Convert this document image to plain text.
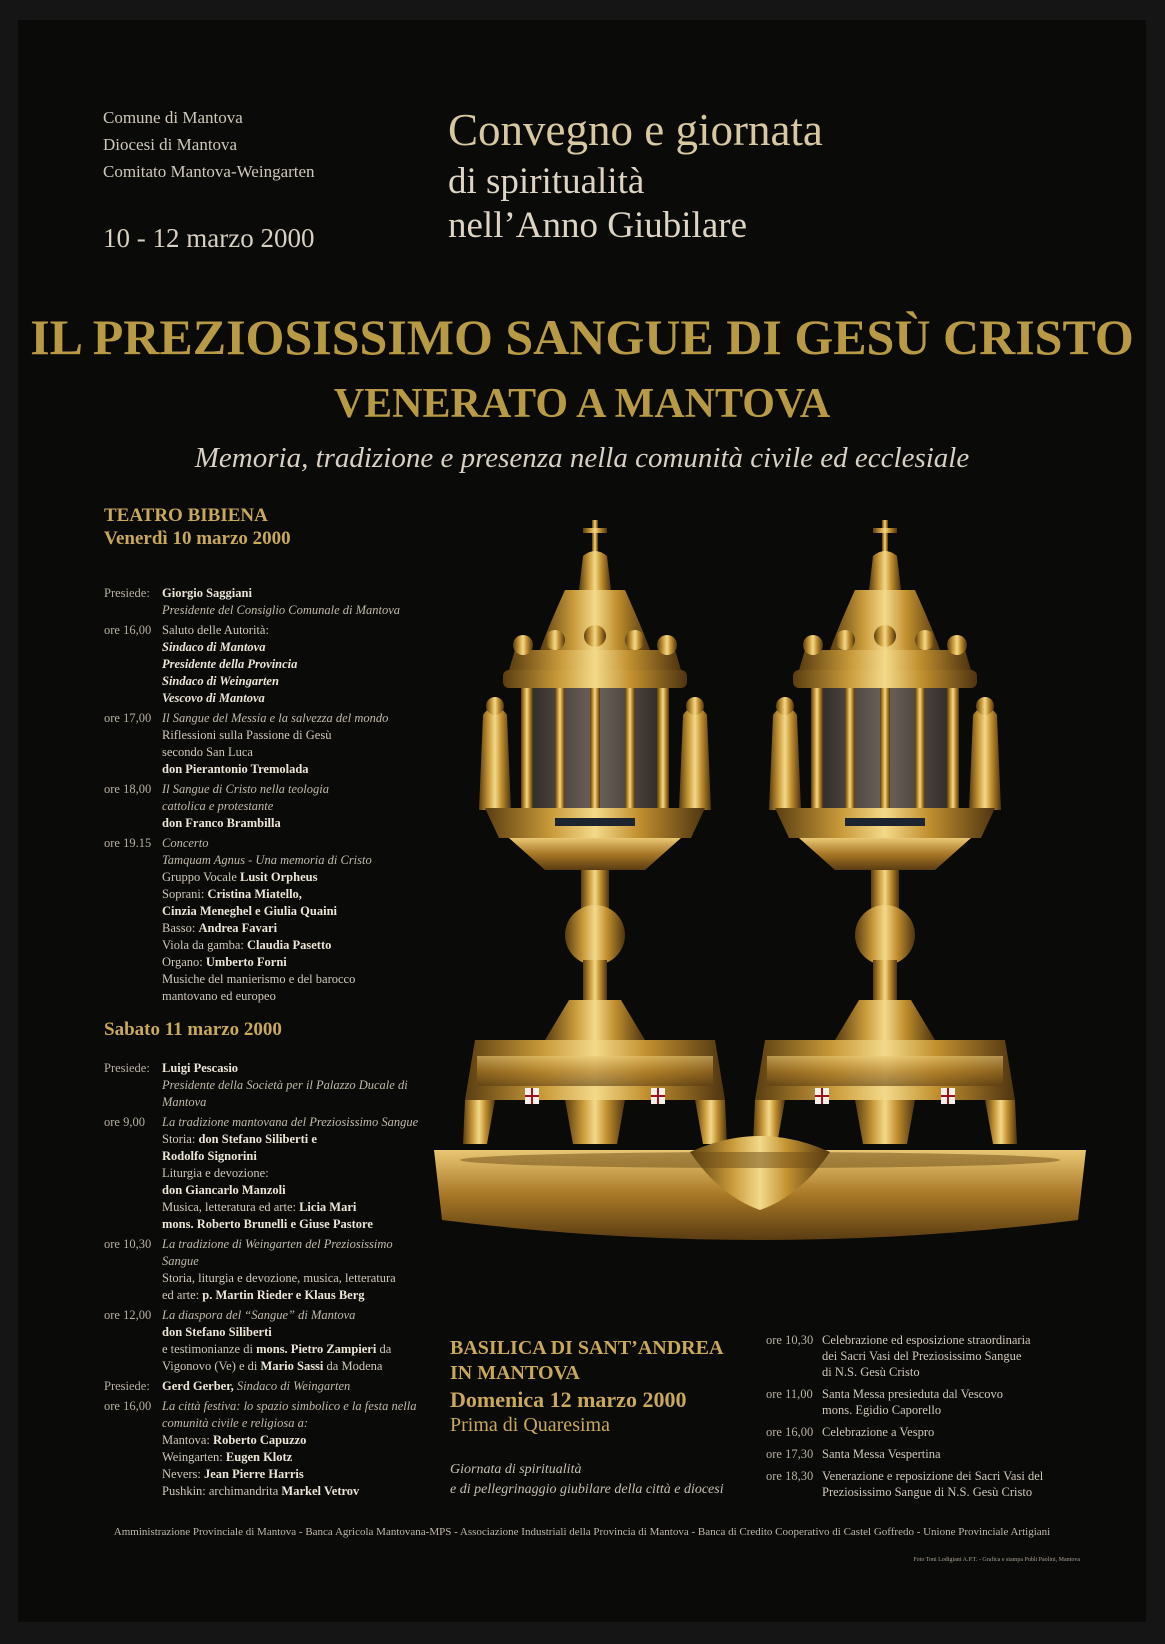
Comune di Mantova
Diocesi di Mantova
Comitato Mantova-Weingarten
10 - 12 marzo 2000
Convegno e giornata
di spiritualità
nell’Anno Giubilare
IL PREZIOSISSIMO SANGUE DI GESÙ CRISTO
VENERATO A MANTOVA
Memoria, tradizione e presenza nella comunità civile ed ecclesiale
TEATRO BIBIENA
Venerdì 10 marzo 2000
Presiede: Giorgio Saggiani
Presidente del Consiglio Comunale di Mantova
ore 16,00 Saluto delle Autorità:
Sindaco di Mantova
Presidente della Provincia
Sindaco di Weingarten
Vescovo di Mantova
ore 17,00 Il Sangue del Messia e la salvezza del mondo
Riflessioni sulla Passione di Gesù
secondo San Luca
don Pierantonio Tremolada
ore 18,00 Il Sangue di Cristo nella teologia
cattolica e protestante
don Franco Brambilla
ore 19.15 Concerto
Tamquam Agnus - Una memoria di Cristo
Gruppo Vocale Lusit Orpheus
Soprani: Cristina Miatello,
Cinzia Meneghel e Giulia Quaini
Basso: Andrea Favari
Viola da gamba: Claudia Pasetto
Organo: Umberto Forni
Musiche del manierismo e del barocco
mantovano ed europeo
Sabato 11 marzo 2000
Presiede: Luigi Pescasio
Presidente della Società per il Palazzo Ducale di
Mantova
ore 9,00	La tradizione mantovana del Preziosissimo Sangue
Storia: don Stefano Siliberti e
Rodolfo Signorini
Liturgia e devozione:
don Giancarlo Manzoli
Musica, letteratura ed arte: Licia Mari
mons. Roberto Brunelli e Giuse Pastore
ore 10,30 La tradizione di Weingarten del Preziosissimo
Sangue
Storia, liturgia e devozione, musica, letteratura
ed arte: p. Martin Rieder e Klaus Berg
ore 12,00 La diaspora del “Sangue” di Mantova
don Stefano Siliberti
e testimonianze di mons. Pietro Zampieri da
Vigonovo (Ve) e di Mario Sassi da Modena
Presiede: Gerd Gerber, Sindaco di Weingarten
ore 16,00 La città festiva: lo spazio simbolico e la festa nella
comunità civile e religiosa a:
Mantova: Roberto Capuzzo
Weingarten: Eugen Klotz
Nevers: Jean Pierre Harris
Pushkin: archimandrita Markel Vetrov
BASILICA DI SANT’ANDREA
IN MANTOVA
Domenica 12 marzo 2000
Prima di Quaresima
Giornata di spiritualità
e di pellegrinaggio giubilare della città e diocesi
ore 10,30 Celebrazione ed esposizione straordinaria
dei Sacri Vasi del Preziosissimo Sangue
di N.S. Gesù Cristo
ore 11,00 Santa Messa presieduta dal Vescovo
mons. Egidio Caporello
ore 16,00 Celebrazione a Vespro
ore 17,30 Santa Messa Vespertina
ore 18,30 Venerazione e reposizione dei Sacri Vasi del
Preziosissimo Sangue di N.S. Gesù Cristo
Amministrazione Provinciale di Mantova - Banca Agricola Mantovana-MPS - Associazione Industriali della Provincia di Mantova - Banca di Credito Cooperativo di Castel Goffredo - Unione Provinciale Artigiani
Foto Toni Lodigiani A.P.T. - Grafica e stampa Publi Paolini, Mantova
